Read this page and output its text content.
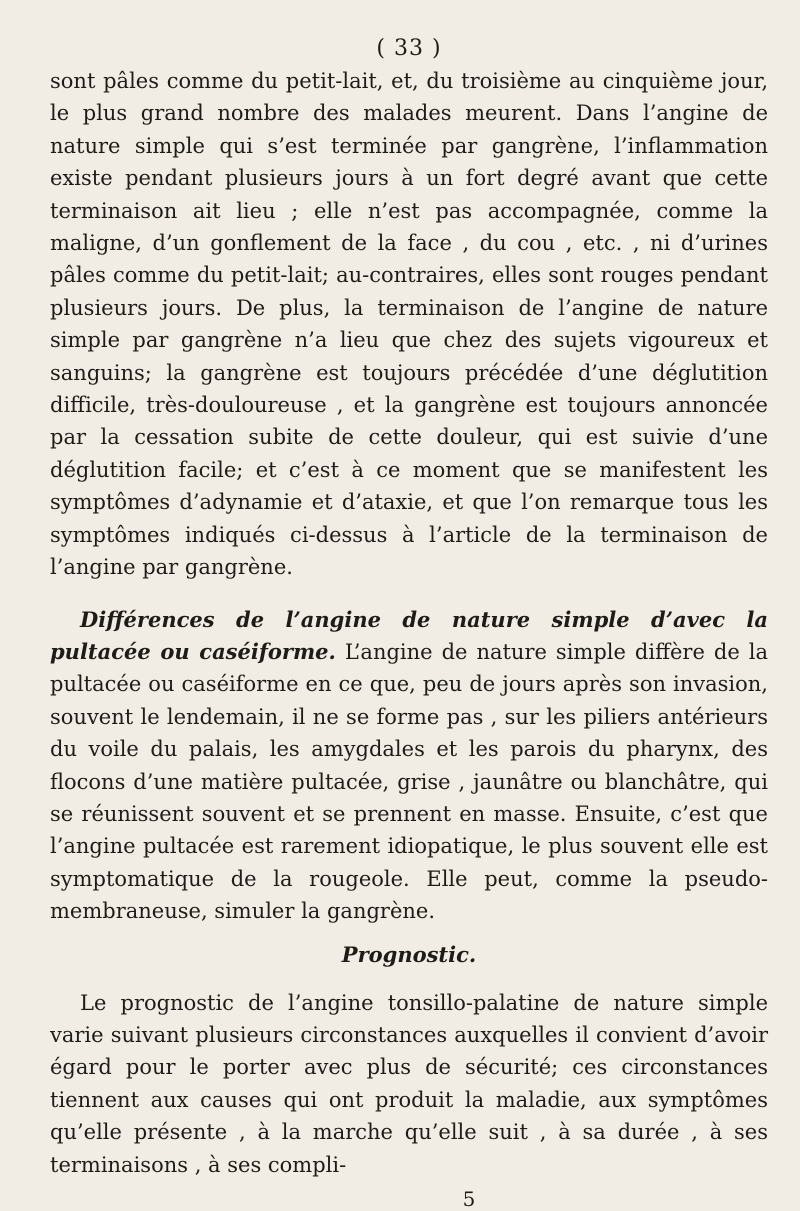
( 33 )

sont pâles comme du petit-lait, et, du troisième au cinquième jour, le plus grand nombre des malades meurent. Dans l’angine de nature simple qui s’est terminée par gangrène, l’inflammation existe pendant plusieurs jours à un fort degré avant que cette terminaison ait lieu ; elle n’est pas accompagnée, comme la maligne, d’un gonflement de la face , du cou , etc. , ni d’urines pâles comme du petit-lait; au-contraires, elles sont rouges pendant plusieurs jours. De plus, la terminaison de l’angine de nature simple par gangrène n’a lieu que chez des sujets vigoureux et sanguins; la gangrène est toujours précédée d’une déglutition difficile, très-douloureuse , et la gangrène est toujours annoncée par la cessation subite de cette douleur, qui est suivie d’une déglutition facile; et c’est à ce moment que se manifestent les symptômes d’adynamie et d’ataxie, et que l’on remarque tous les symptômes indiqués ci-dessus à l’article de la terminaison de l’angine par gangrène.

Différences de l’angine de nature simple d’avec la pultacée ou caséiforme. L’angine de nature simple diffère de la pultacée ou caséiforme en ce que, peu de jours après son invasion, souvent le lendemain, il ne se forme pas , sur les piliers antérieurs du voile du palais, les amygdales et les parois du pharynx, des flocons d’une matière pultacée, grise , jaunâtre ou blanchâtre, qui se réunissent souvent et se prennent en masse. Ensuite, c’est que l’angine pultacée est rarement idiopatique, le plus souvent elle est symptomatique de la rougeole. Elle peut, comme la pseudo-membraneuse, simuler la gangrène.

Prognostic.

Le prognostic de l’angine tonsillo-palatine de nature simple varie suivant plusieurs circonstances auxquelles il convient d’avoir égard pour le porter avec plus de sécurité; ces circonstances tiennent aux causes qui ont produit la maladie, aux symptômes qu’elle présente , à la marche qu’elle suit , à sa durée , à ses terminaisons , à ses compli-

5
